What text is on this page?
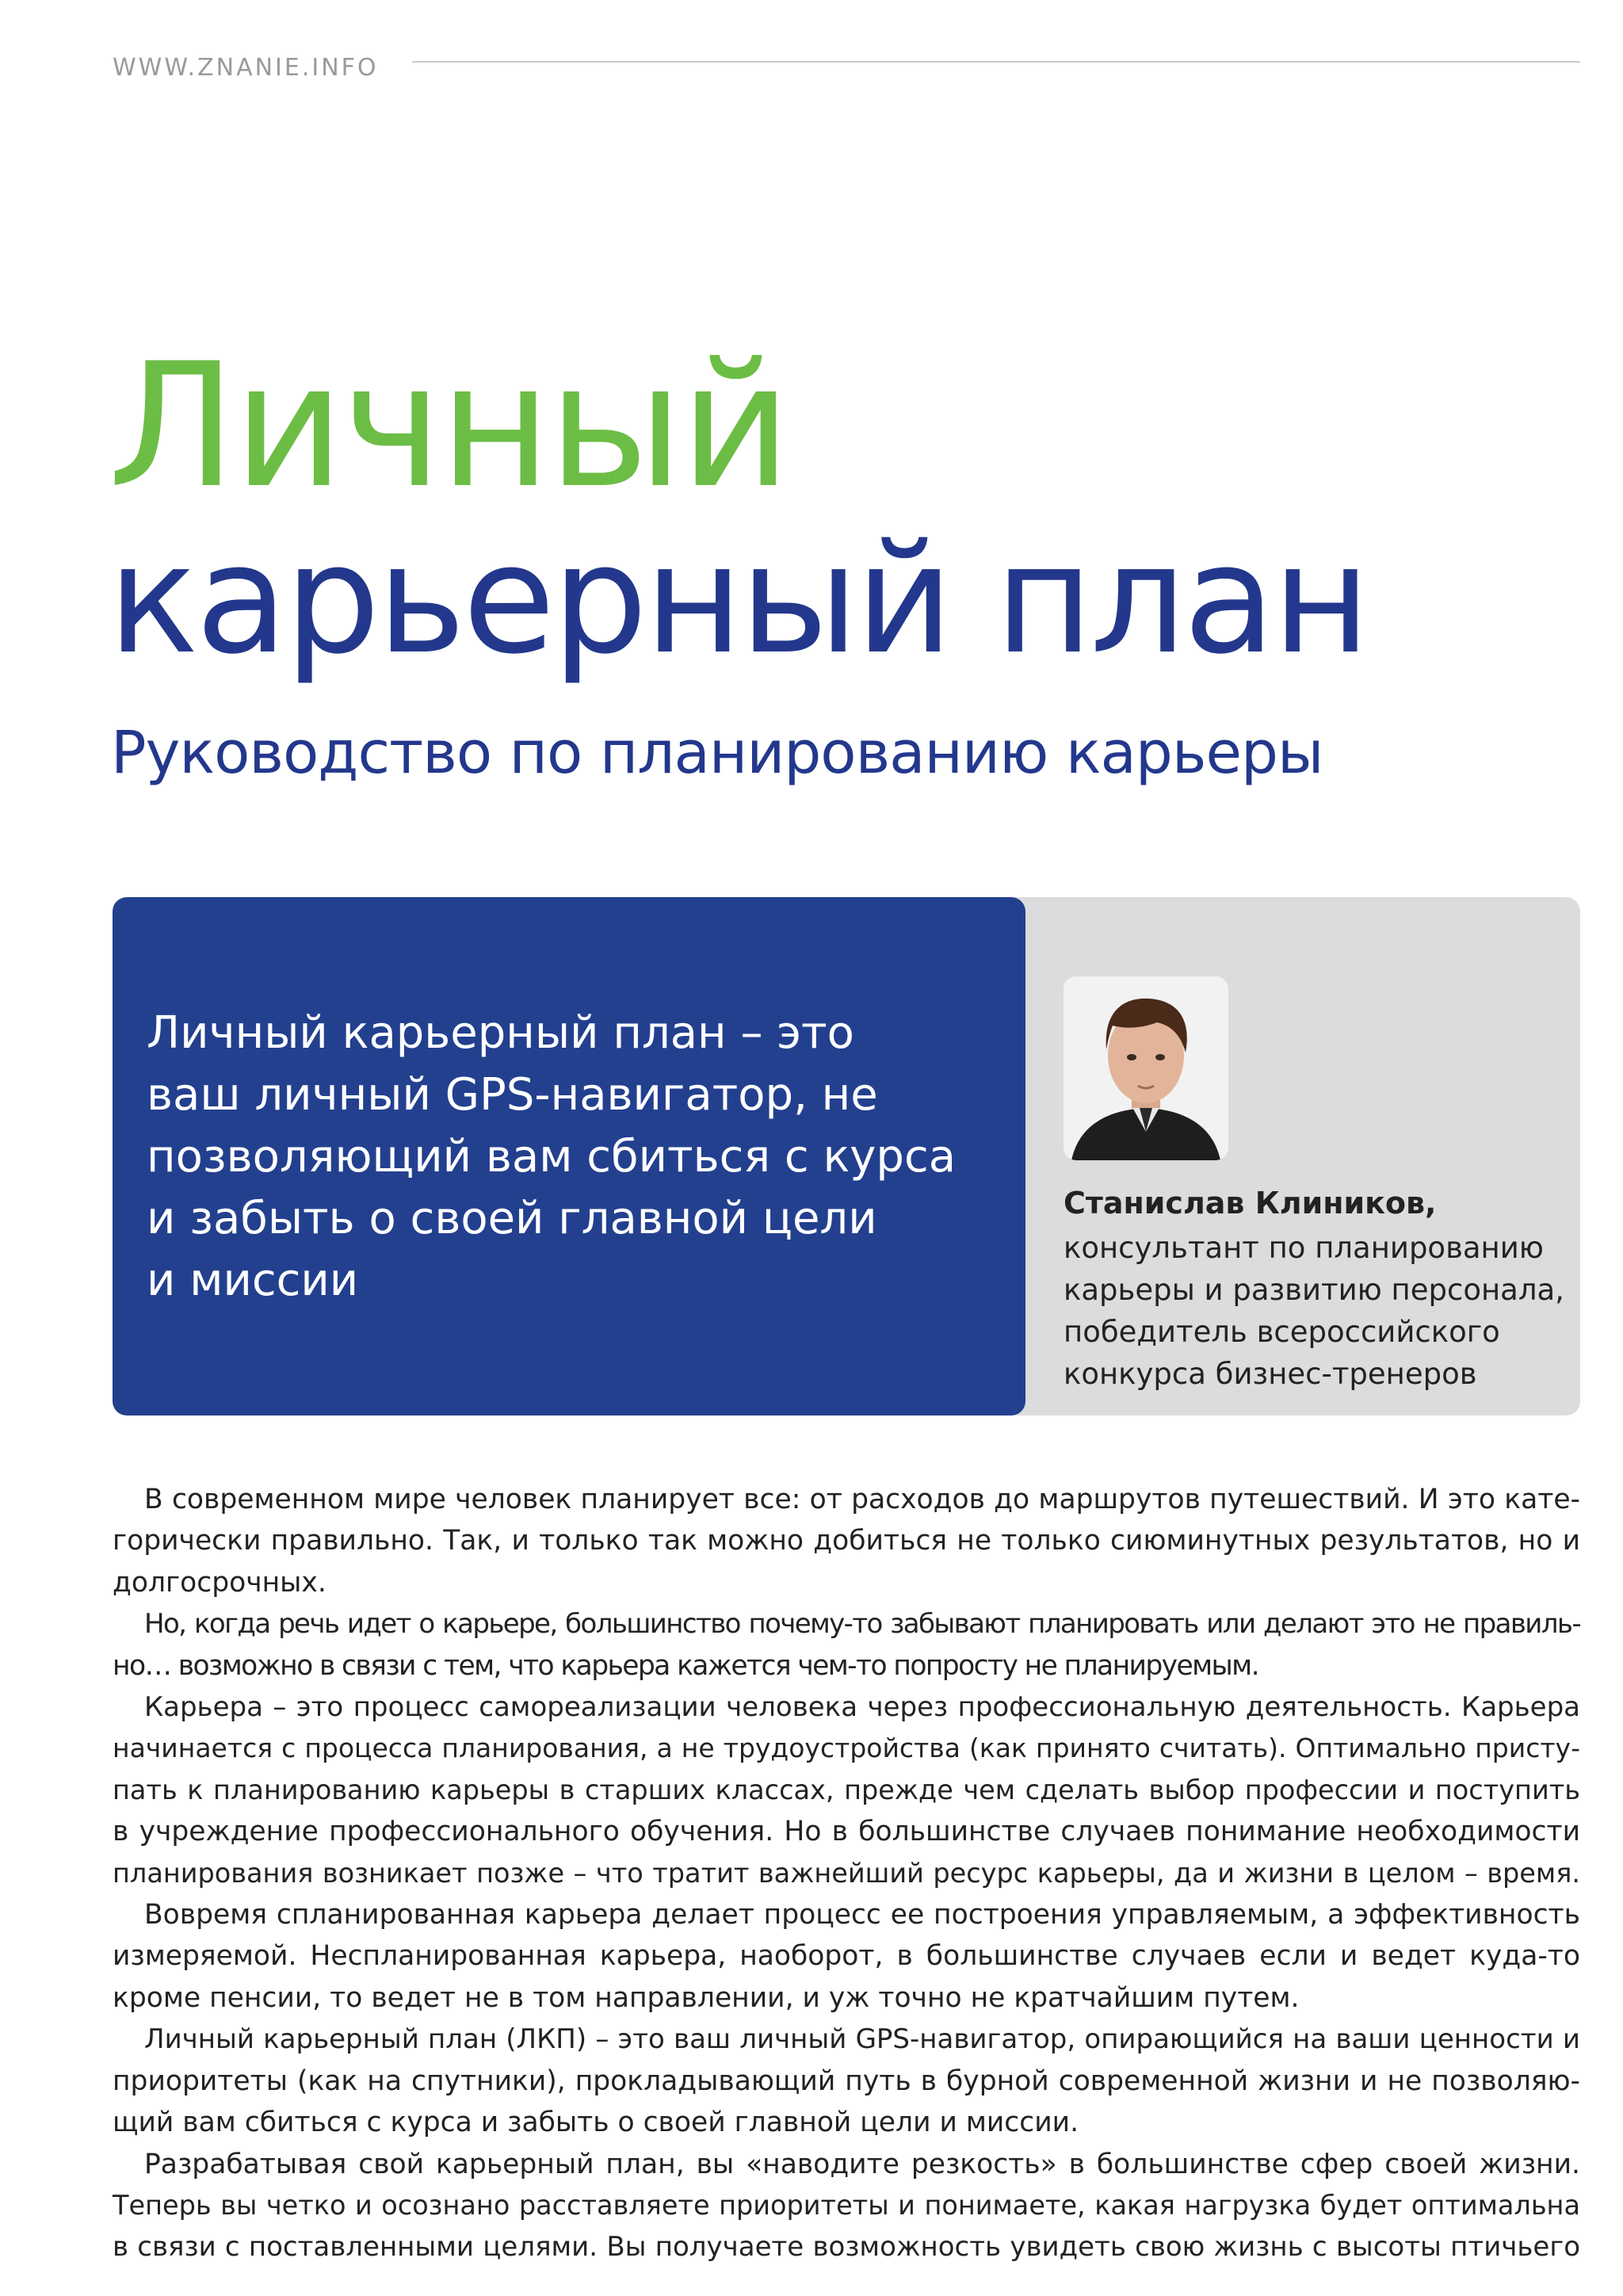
WWW.ZNANIE.INFO
Личный
карьерный план
Руководство по планированию карьеры
Личный карьерный план – это
ваш личный GPS-навигатор, не
позволяющий вам сбиться с курса
и забыть о своей главной цели
и миссии
Станислав Клиников,
консультант по планированию
карьеры и развитию персонала,
победитель всероссийского
конкурса бизнес-тренеров
В современном мире человек планирует все: от расходов до маршрутов путешествий. И это кате-
горически правильно. Так, и только так можно добиться не только сиюминутных результатов, но и
долгосрочных.
Но, когда речь идет о карьере, большинство почему-то забывают планировать или делают это не правиль-
но… возможно в связи с тем, что карьера кажется чем-то попросту не планируемым.
Карьера – это процесс самореализации человека через профессиональную деятельность. Карьера
начинается с процесса планирования, а не трудоустройства (как принято считать). Оптимально присту-
пать к планированию карьеры в старших классах, прежде чем сделать выбор профессии и поступить
в учреждение профессионального обучения. Но в большинстве случаев понимание необходимости
планирования возникает позже – что тратит важнейший ресурс карьеры, да и жизни в целом – время.
Вовремя спланированная карьера делает процесс ее построения управляемым, а эффективность
измеряемой. Неспланированная карьера, наоборот, в большинстве случаев если и ведет куда-то
кроме пенсии, то ведет не в том направлении, и уж точно не кратчайшим путем.
Личный карьерный план (ЛКП) – это ваш личный GPS-навигатор, опирающийся на ваши ценности и
приоритеты (как на спутники), прокладывающий путь в бурной современной жизни и не позволяю-
щий вам сбиться с курса и забыть о своей главной цели и миссии.
Разрабатывая свой карьерный план, вы «наводите резкость» в большинстве сфер своей жизни.
Теперь вы четко и осознано расставляете приоритеты и понимаете, какая нагрузка будет оптимальна
в связи с поставленными целями. Вы получаете возможность увидеть свою жизнь с высоты птичьего
